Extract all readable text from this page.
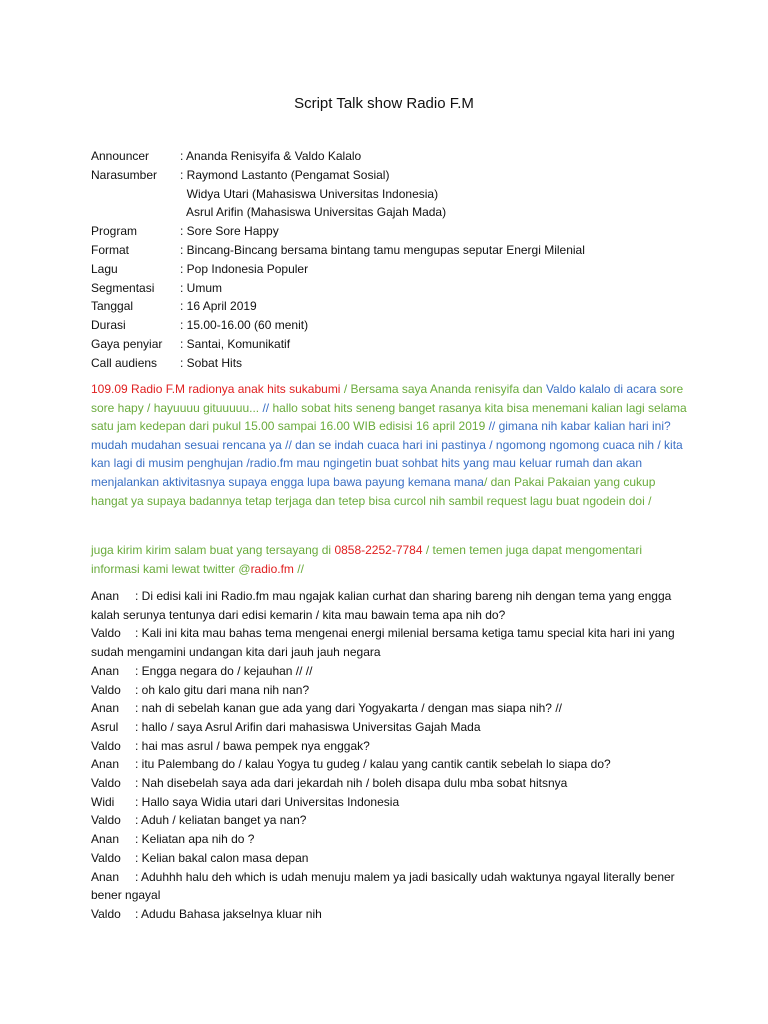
Script Talk show Radio F.M
Announcer	: Ananda Renisyifa & Valdo Kalalo
Narasumber	: Raymond Lastanto (Pengamat Sosial)
Widya Utari (Mahasiswa Universitas Indonesia)
Asrul Arifin (Mahasiswa Universitas Gajah Mada)
Program	: Sore Sore Happy
Format	: Bincang-Bincang bersama bintang tamu mengupas seputar Energi Milenial
Lagu	: Pop Indonesia Populer
Segmentasi	: Umum
Tanggal	: 16 April 2019
Durasi	: 15.00-16.00 (60 menit)
Gaya penyiar	: Santai, Komunikatif
Call audiens	: Sobat Hits
109.09 Radio F.M radionya anak hits sukabumi / Bersama saya Ananda renisyifa dan Valdo kalalo di acara sore sore hapy / hayuuuu gituuuuu... // hallo sobat hits seneng banget rasanya kita bisa menemani kalian lagi selama satu jam kedepan dari pukul 15.00 sampai 16.00 WIB edisisi 16 april 2019 // gimana nih kabar kalian hari ini? mudah mudahan sesuai rencana ya // dan se indah cuaca hari ini pastinya / ngomong ngomong cuaca nih / kita kan lagi di musim penghujan /radio.fm mau ngingetin buat sohbat hits yang mau keluar rumah dan akan menjalankan aktivitasnya supaya engga lupa bawa payung kemana mana/ dan Pakai Pakaian yang cukup hangat ya supaya badannya tetap terjaga dan tetep bisa curcol nih sambil request lagu buat ngodein doi /
juga kirim kirim salam buat yang tersayang di 0858-2252-7784 / temen temen juga dapat mengomentari informasi kami lewat twitter @radio.fm //
Anan : Di edisi kali ini Radio.fm mau ngajak kalian curhat dan sharing bareng nih dengan tema yang engga kalah serunya tentunya dari edisi kemarin / kita mau bawain tema apa nih do?
Valdo : Kali ini kita mau bahas tema mengenai energi milenial bersama ketiga tamu special kita hari ini yang sudah mengamini undangan kita dari jauh jauh negara
Anan : Engga negara do / kejauhan // //
Valdo : oh kalo gitu dari mana nih nan?
Anan : nah di sebelah kanan gue ada yang dari Yogyakarta / dengan mas siapa nih? //
Asrul : hallo / saya Asrul Arifin dari mahasiswa Universitas Gajah Mada
Valdo : hai mas asrul / bawa pempek nya enggak?
Anan : itu Palembang do / kalau Yogya tu gudeg / kalau yang cantik cantik sebelah lo siapa do?
Valdo : Nah disebelah saya ada dari jekardah nih / boleh disapa dulu mba sobat hitsnya
Widi : Hallo saya Widia utari dari Universitas Indonesia
Valdo : Aduh / keliatan banget ya nan?
Anan : Keliatan apa nih do ?
Valdo : Kelian bakal calon masa depan
Anan : Aduhhh halu deh which is udah menuju malem ya jadi basically udah waktunya ngayal literally bener bener ngayal
Valdo : Adudu Bahasa jakselnya kluar nih
